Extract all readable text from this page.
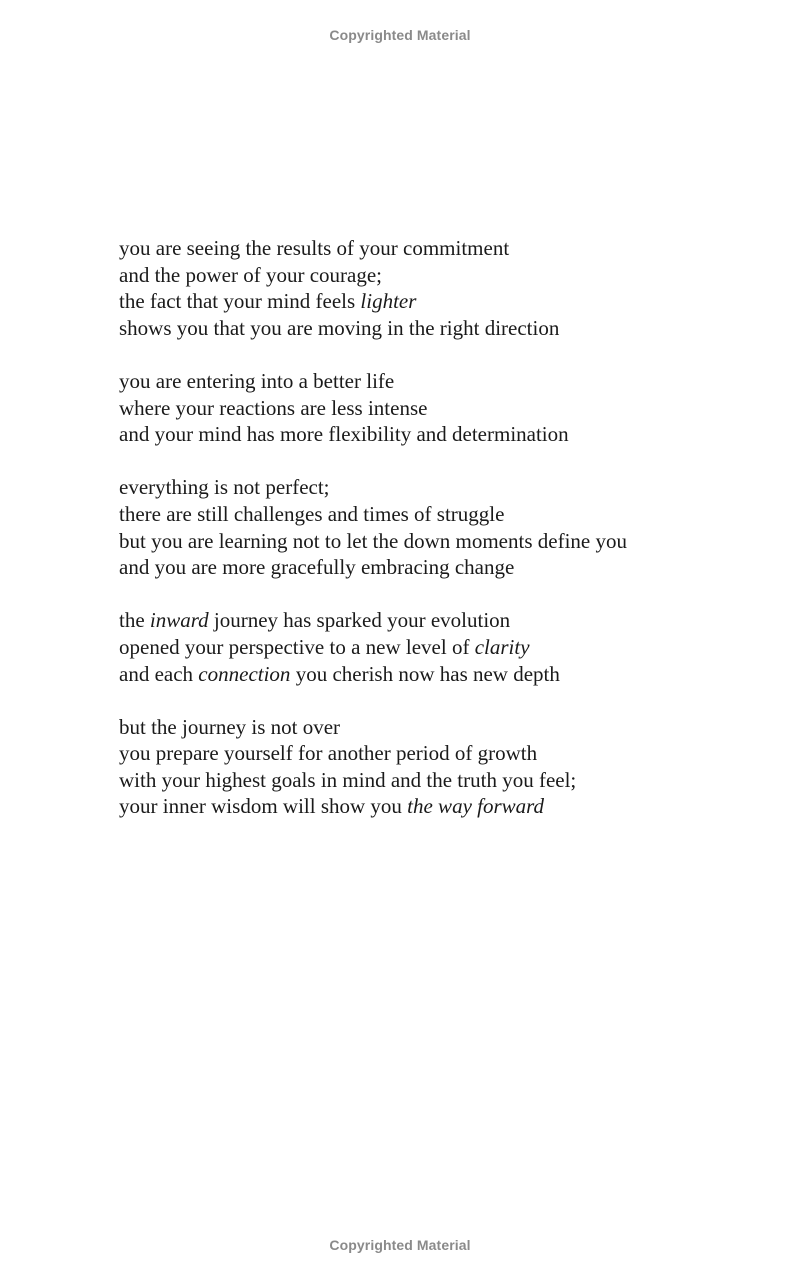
Copyrighted Material
you are seeing the results of your commitment
and the power of your courage;
the fact that your mind feels lighter
shows you that you are moving in the right direction
you are entering into a better life
where your reactions are less intense
and your mind has more flexibility and determination
everything is not perfect;
there are still challenges and times of struggle
but you are learning not to let the down moments define you
and you are more gracefully embracing change
the inward journey has sparked your evolution
opened your perspective to a new level of clarity
and each connection you cherish now has new depth
but the journey is not over
you prepare yourself for another period of growth
with your highest goals in mind and the truth you feel;
your inner wisdom will show you the way forward
Copyrighted Material
